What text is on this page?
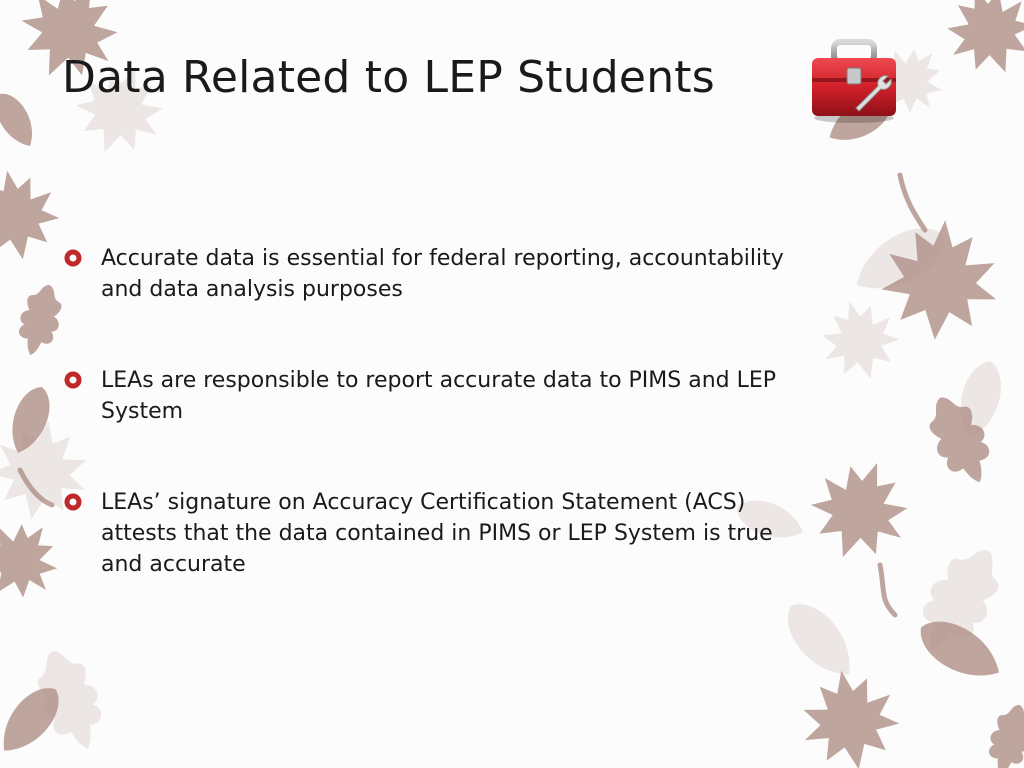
Data Related to LEP Students
Accurate data is essential for federal reporting, accountability and data analysis purposes
LEAs are responsible to report accurate data to PIMS and LEP System
LEAs’ signature on Accuracy Certification Statement (ACS) attests that the data contained in PIMS or LEP System is true and accurate
